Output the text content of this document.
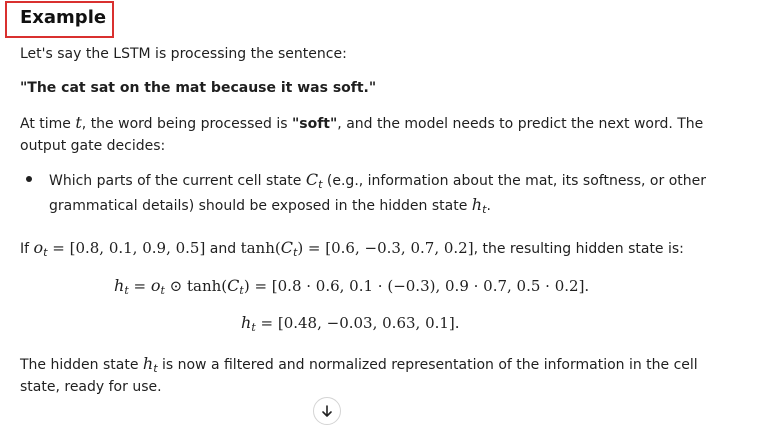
Example
Let's say the LSTM is processing the sentence:
"The cat sat on the mat because it was soft."
At time t, the word being processed is "soft", and the model needs to predict the next word. The
output gate decides:
Which parts of the current cell state $C_t$ (e.g., information about the mat, its softness, or other
grammatical details) should be exposed in the hidden state $h_t$.
If $o_t = [0.8$, 0.1, 0.9, 0.5] and $\tanh(C_t) = [0.6$, −0.3, 0.7, 0.2], the resulting hidden state is:
$h_t = o_t$ ⊙ $\tanh(C_t) = [0.8 \cdot 0.6$, 0.1 · (−0.3), 0.9 · 0.7, 0.5 · 0.2].
$h_t = [0.48$, −0.03, 0.63, 0.1].
The hidden state $h_t$ is now a filtered and normalized representation of the information in the cell
state, ready for use.
